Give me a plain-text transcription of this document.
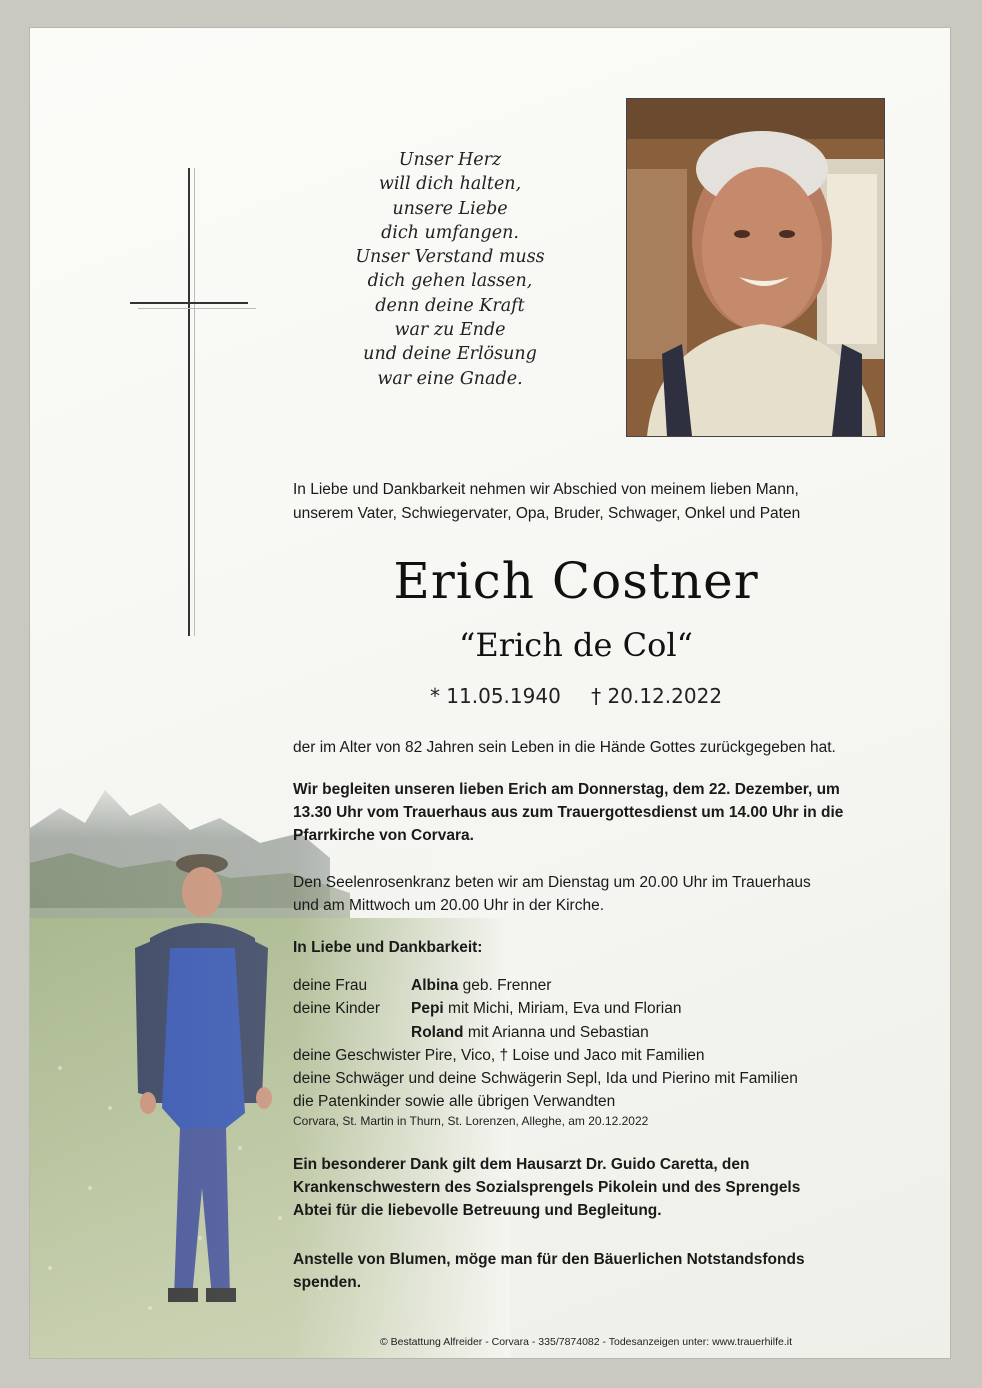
Unser Herz
will dich halten,
unsere Liebe
dich umfangen.
Unser Verstand muss
dich gehen lassen,
denn deine Kraft
war zu Ende
und deine Erlösung
war eine Gnade.
In Liebe und Dankbarkeit nehmen wir Abschied von meinem lieben Mann,
unserem Vater, Schwiegervater, Opa, Bruder, Schwager, Onkel und Paten
Erich Costner
“Erich de Col“
* 11.05.1940 † 20.12.2022
der im Alter von 82 Jahren sein Leben in die Hände Gottes zurückgegeben hat.
Wir begleiten unseren lieben Erich am Donnerstag, dem 22. Dezember, um
13.30 Uhr vom Trauerhaus aus zum Trauergottesdienst um 14.00 Uhr in die
Pfarrkirche von Corvara.
Den Seelenrosenkranz beten wir am Dienstag um 20.00 Uhr im Trauerhaus
und am Mittwoch um 20.00 Uhr in der Kirche.
In Liebe und Dankbarkeit:
deine Frau	Albina geb. Frenner
deine Kinder Pepi mit Michi, Miriam, Eva und Florian
Roland mit Arianna und Sebastian
deine Geschwister Pire, Vico, † Loise und Jaco mit Familien
deine Schwäger und deine Schwägerin Sepl, Ida und Pierino mit Familien
die Patenkinder sowie alle übrigen Verwandten
Corvara, St. Martin in Thurn, St. Lorenzen, Alleghe, am 20.12.2022
Ein besonderer Dank gilt dem Hausarzt Dr. Guido Caretta, den
Krankenschwestern des Sozialsprengels Pikolein und des Sprengels
Abtei für die liebevolle Betreuung und Begleitung.
Anstelle von Blumen, möge man für den Bäuerlichen Notstandsfonds
spenden.
© Bestattung Alfreider - Corvara - 335/7874082 - Todesanzeigen unter: www.trauerhilfe.it
